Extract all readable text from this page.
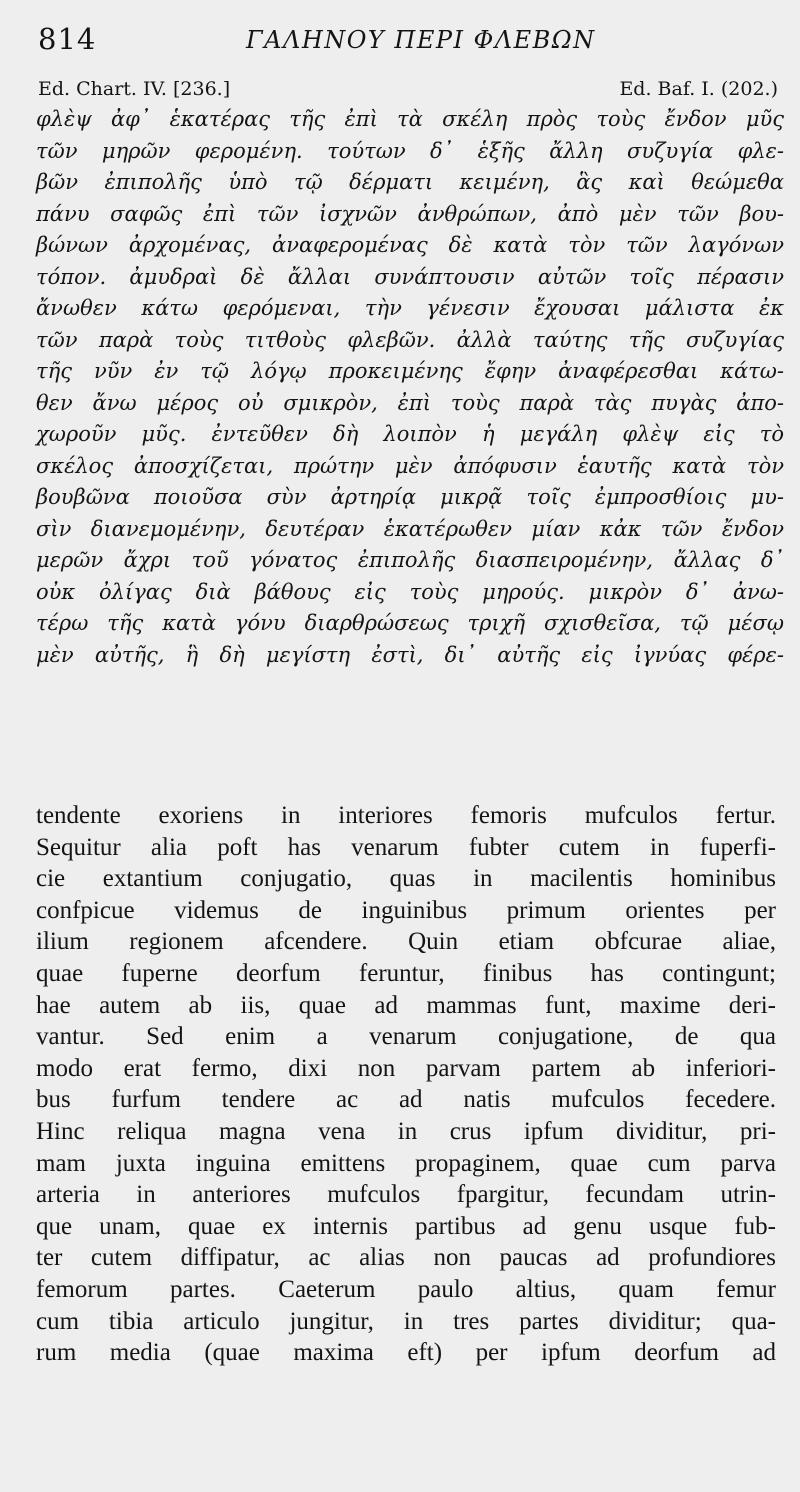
814	ΓΑΛΗΝΟΥ ΠΕΡΙ ΦΛΕΒΩΝ
Ed. Chart. IV. [236.]	Ed. Baf. I. (202.)
φλὲψ ἀφ᾽ ἑκατέρας τῆς ἐπὶ τὰ σκέλη πρὸς τοὺς ἔνδον μῦς
τῶν μηρῶν φερομένη. τούτων δ᾽ ἑξῆς ἄλλη συζυγία φλε-
βῶν ἐπιπολῆς ὑπὸ τῷ δέρματι κειμένη, ἃς καὶ θεώμεθα
πάνυ σαφῶς ἐπὶ τῶν ἰσχνῶν ἀνθρώπων, ἀπὸ μὲν τῶν βου-
βώνων ἀρχομένας, ἀναφερομένας δὲ κατὰ τὸν τῶν λαγόνων
τόπον. ἀμυδραὶ δὲ ἄλλαι συνάπτουσιν αὐτῶν τοῖς πέρασιν
ἄνωθεν κάτω φερόμεναι, τὴν γένεσιν ἔχουσαι μάλιστα ἐκ
τῶν παρὰ τοὺς τιτθοὺς φλεβῶν. ἀλλὰ ταύτης τῆς συζυγίας
τῆς νῦν ἐν τῷ λόγῳ προκειμένης ἔφην ἀναφέρεσθαι κάτω-
θεν ἄνω μέρος οὐ σμικρὸν, ἐπὶ τοὺς παρὰ τὰς πυγὰς ἀπο-
χωροῦν μῦς. ἐντεῦθεν δὴ λοιπὸν ἡ μεγάλη φλὲψ εἰς τὸ
σκέλος ἀποσχίζεται, πρώτην μὲν ἀπόφυσιν ἑαυτῆς κατὰ τὸν
βουβῶνα ποιοῦσα σὺν ἀρτηρίᾳ μικρᾷ τοῖς ἐμπροσθίοις μυ-
σὶν διανεμομένην, δευτέραν ἑκατέρωθεν μίαν κἀκ τῶν ἔνδον
μερῶν ἄχρι τοῦ γόνατος ἐπιπολῆς διασπειρομένην, ἄλλας δ᾽
οὐκ ὀλίγας διὰ βάθους εἰς τοὺς μηρούς. μικρὸν δ᾽ ἀνω-
τέρω τῆς κατὰ γόνυ διαρθρώσεως τριχῆ σχισθεῖσα, τῷ μέσῳ
μὲν αὐτῆς, ἣ δὴ μεγίστη ἐστὶ, δι᾽ αὐτῆς εἰς ἰγνύας φέρε-
tendente exoriens in interiores femoris mufculos fertur.
Sequitur alia poft has venarum fubter cutem in fuperfi-
cie extantium conjugatio, quas in macilentis hominibus
confpicue videmus de inguinibus primum orientes per
ilium regionem afcendere. Quin etiam obfcurae aliae,
quae fuperne deorfum feruntur, finibus has contingunt;
hae autem ab iis, quae ad mammas funt, maxime deri-
vantur. Sed enim a venarum conjugatione, de qua
modo erat fermo, dixi non parvam partem ab inferiori-
bus furfum tendere ac ad natis mufculos fecedere.
Hinc reliqua magna vena in crus ipfum dividitur, pri-
mam juxta inguina emittens propaginem, quae cum parva
arteria in anteriores mufculos fpargitur, fecundam utrin-
que unam, quae ex internis partibus ad genu usque fub-
ter cutem diffipatur, ac alias non paucas ad profundiores
femorum partes. Caeterum paulo altius, quam femur
cum tibia articulo jungitur, in tres partes dividitur; qua-
rum media (quae maxima eft) per ipfum deorfum ad
